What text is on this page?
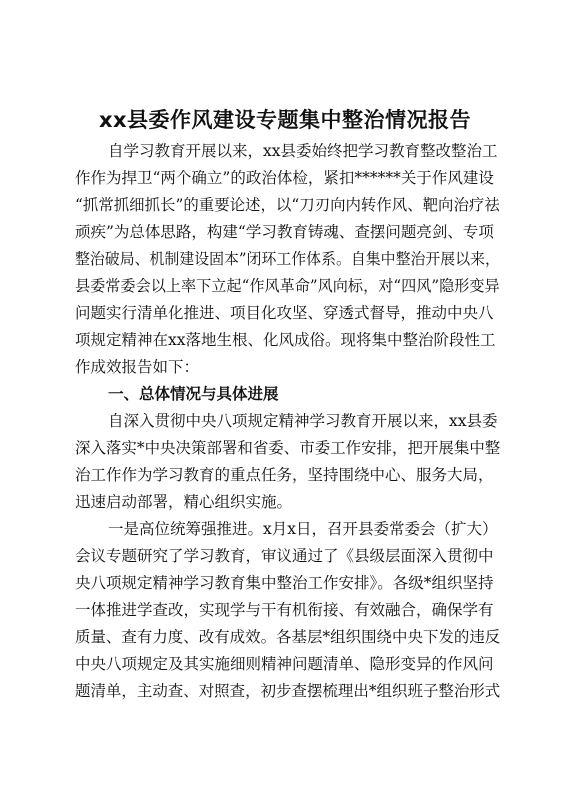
xx县委作风建设专题集中整治情况报告
自学习教育开展以来，xx县委始终把学习教育整改整治工
作作为捍卫“两个确立”的政治体检，紧扣******关于作风建设
“抓常抓细抓长”的重要论述，以“刀刃向内转作风、靶向治疗祛
顽疾”为总体思路，构建“学习教育铸魂、查摆问题亮剑、专项
整治破局、机制建设固本”闭环工作体系。自集中整治开展以来，
县委常委会以上率下立起“作风革命”风向标，对“四风”隐形变异
问题实行清单化推进、项目化攻坚、穿透式督导，推动中央八
项规定精神在xx落地生根、化风成俗。现将集中整治阶段性工
作成效报告如下：
一、总体情况与具体进展
自深入贯彻中央八项规定精神学习教育开展以来，xx县委
深入落实*中央决策部署和省委、市委工作安排，把开展集中整
治工作作为学习教育的重点任务，坚持围绕中心、服务大局，
迅速启动部署，精心组织实施。
一是高位统筹强推进。x月x日，召开县委常委会（扩大）
会议专题研究了学习教育，审议通过了《县级层面深入贯彻中
央八项规定精神学习教育集中整治工作安排》。各级*组织坚持
一体推进学查改，实现学与干有机衔接、有效融合，确保学有
质量、查有力度、改有成效。各基层*组织围绕中央下发的违反
中央八项规定及其实施细则精神问题清单、隐形变异的作风问
题清单，主动查、对照查，初步查摆梳理出*组织班子整治形式
